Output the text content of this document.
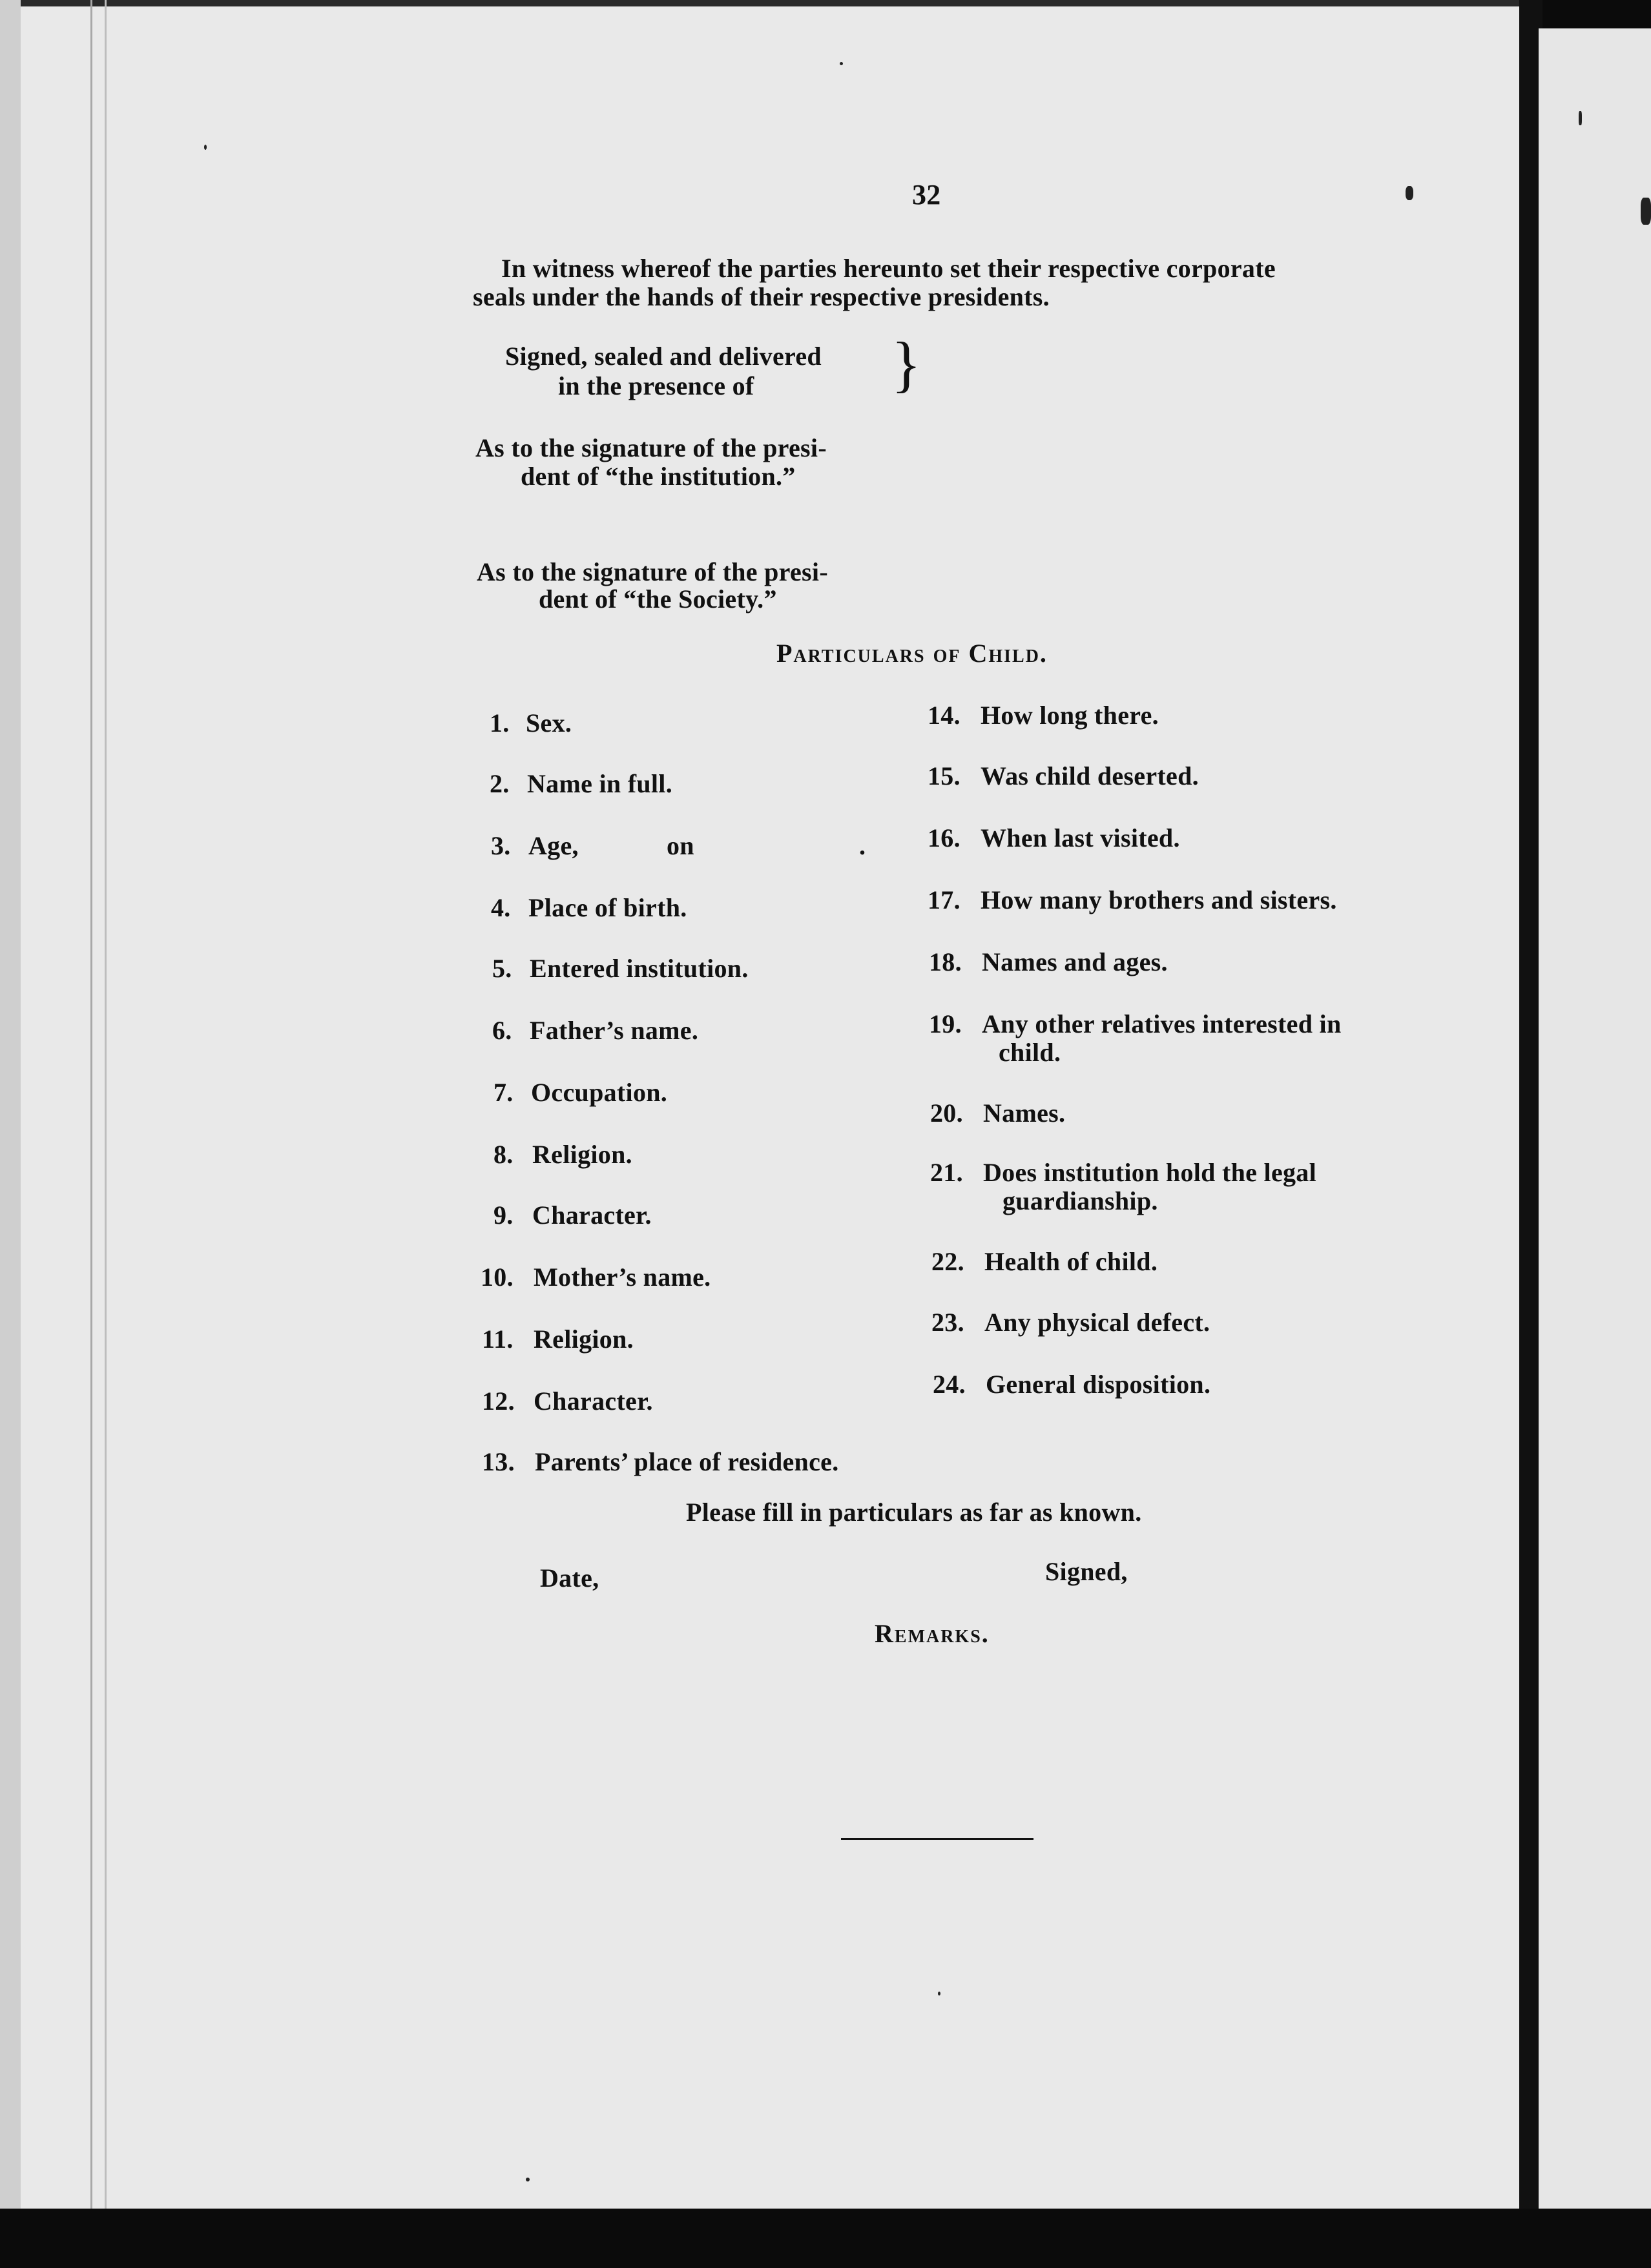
32
In witness whereof the parties hereunto set their respective corporate
seals under the hands of their respective presidents.
Signed, sealed and delivered
in the presence of }
As to the signature of the presi-
dent of “the institution.”
As to the signature of the presi-
dent of “the Society.”
Particulars of Child.
1. Sex.
2. Name in full.
3. Age,	on	.
4. Place of birth.
5. Entered institution.
6. Father’s name.
7. Occupation.
8. Religion.
9. Character.
10. Mother’s name.
11. Religion.
12. Character.
13. Parents’ place of residence.
14. How long there.
15. Was child deserted.
16. When last visited.
17. How many brothers and sisters.
18. Names and ages.
19. Any other relatives interested in
child.
20. Names.
21. Does institution hold the legal
guardianship.
22. Health of child.
23. Any physical defect.
24. General disposition.
Please fill in particulars as far as known.
Date,	Signed,
Remarks.
